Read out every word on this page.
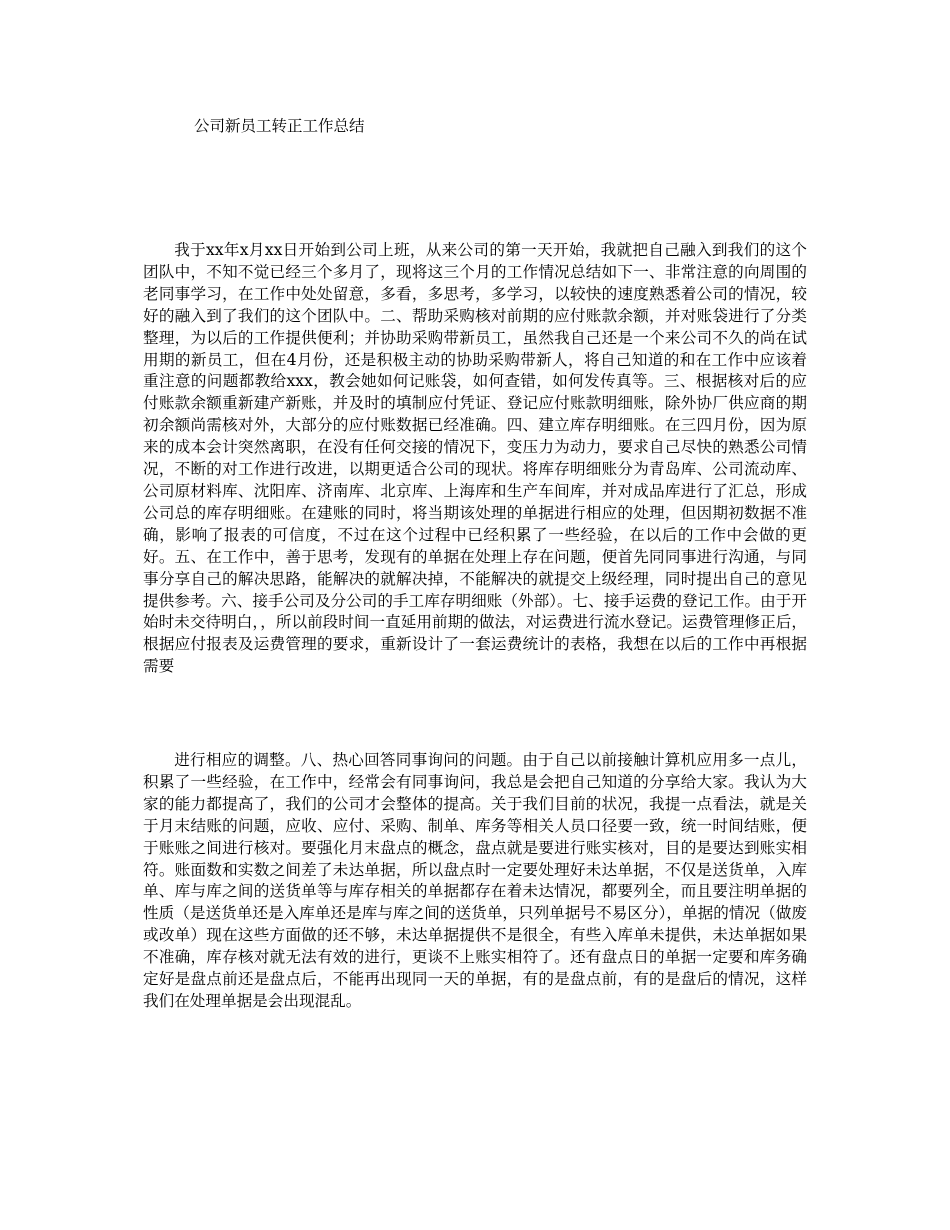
公司新员工转正工作总结

我于xx年x月xx日开始到公司上班，从来公司的第一天开始，我就把自己融入到我们的这个团队中，不知不觉已经三个多月了，现将这三个月的工作情况总结如下一、非常注意的向周围的老同事学习，在工作中处处留意，多看，多思考，多学习，以较快的速度熟悉着公司的情况，较好的融入到了我们的这个团队中。二、帮助采购核对前期的应付账款余额，并对账袋进行了分类整理，为以后的工作提供便利；并协助采购带新员工，虽然我自己还是一个来公司不久的尚在试用期的新员工，但在4月份，还是积极主动的协助采购带新人，将自己知道的和在工作中应该着重注意的问题都教给xxx，教会她如何记账袋，如何查错，如何发传真等。三、根据核对后的应付账款余额重新建产新账，并及时的填制应付凭证、登记应付账款明细账，除外协厂供应商的期初余额尚需核对外，大部分的应付账数据已经准确。四、建立库存明细账。在三四月份，因为原来的成本会计突然离职，在没有任何交接的情况下，变压力为动力，要求自己尽快的熟悉公司情况，不断的对工作进行改进，以期更适合公司的现状。将库存明细账分为青岛库、公司流动库、公司原材料库、沈阳库、济南库、北京库、上海库和生产车间库，并对成品库进行了汇总，形成公司总的库存明细账。在建账的同时，将当期该处理的单据进行相应的处理，但因期初数据不准确，影响了报表的可信度，不过在这个过程中已经积累了一些经验，在以后的工作中会做的更好。五、在工作中，善于思考，发现有的单据在处理上存在问题，便首先同同事进行沟通，与同事分享自己的解决思路，能解决的就解决掉，不能解决的就提交上级经理，同时提出自己的意见提供参考。六、接手公司及分公司的手工库存明细账（外部）。七、接手运费的登记工作。由于开始时未交待明白，，所以前段时间一直延用前期的做法，对运费进行流水登记。运费管理修正后，根据应付报表及运费管理的要求，重新设计了一套运费统计的表格，我想在以后的工作中再根据需要

进行相应的调整。八、热心回答同事询问的问题。由于自己以前接触计算机应用多一点儿，积累了一些经验，在工作中，经常会有同事询问，我总是会把自己知道的分享给大家。我认为大家的能力都提高了，我们的公司才会整体的提高。关于我们目前的状况，我提一点看法，就是关于月末结账的问题，应收、应付、采购、制单、库务等相关人员口径要一致，统一时间结账，便于账账之间进行核对。要强化月末盘点的概念，盘点就是要进行账实核对，目的是要达到账实相符。账面数和实数之间差了未达单据，所以盘点时一定要处理好未达单据，不仅是送货单，入库单、库与库之间的送货单等与库存相关的单据都存在着未达情况，都要列全，而且要注明单据的性质（是送货单还是入库单还是库与库之间的送货单，只列单据号不易区分），单据的情况（做废或改单）现在这些方面做的还不够，未达单据提供不是很全，有些入库单未提供，未达单据如果不准确，库存核对就无法有效的进行，更谈不上账实相符了。还有盘点日的单据一定要和库务确定好是盘点前还是盘点后，不能再出现同一天的单据，有的是盘点前，有的是盘后的情况，这样我们在处理单据是会出现混乱。
